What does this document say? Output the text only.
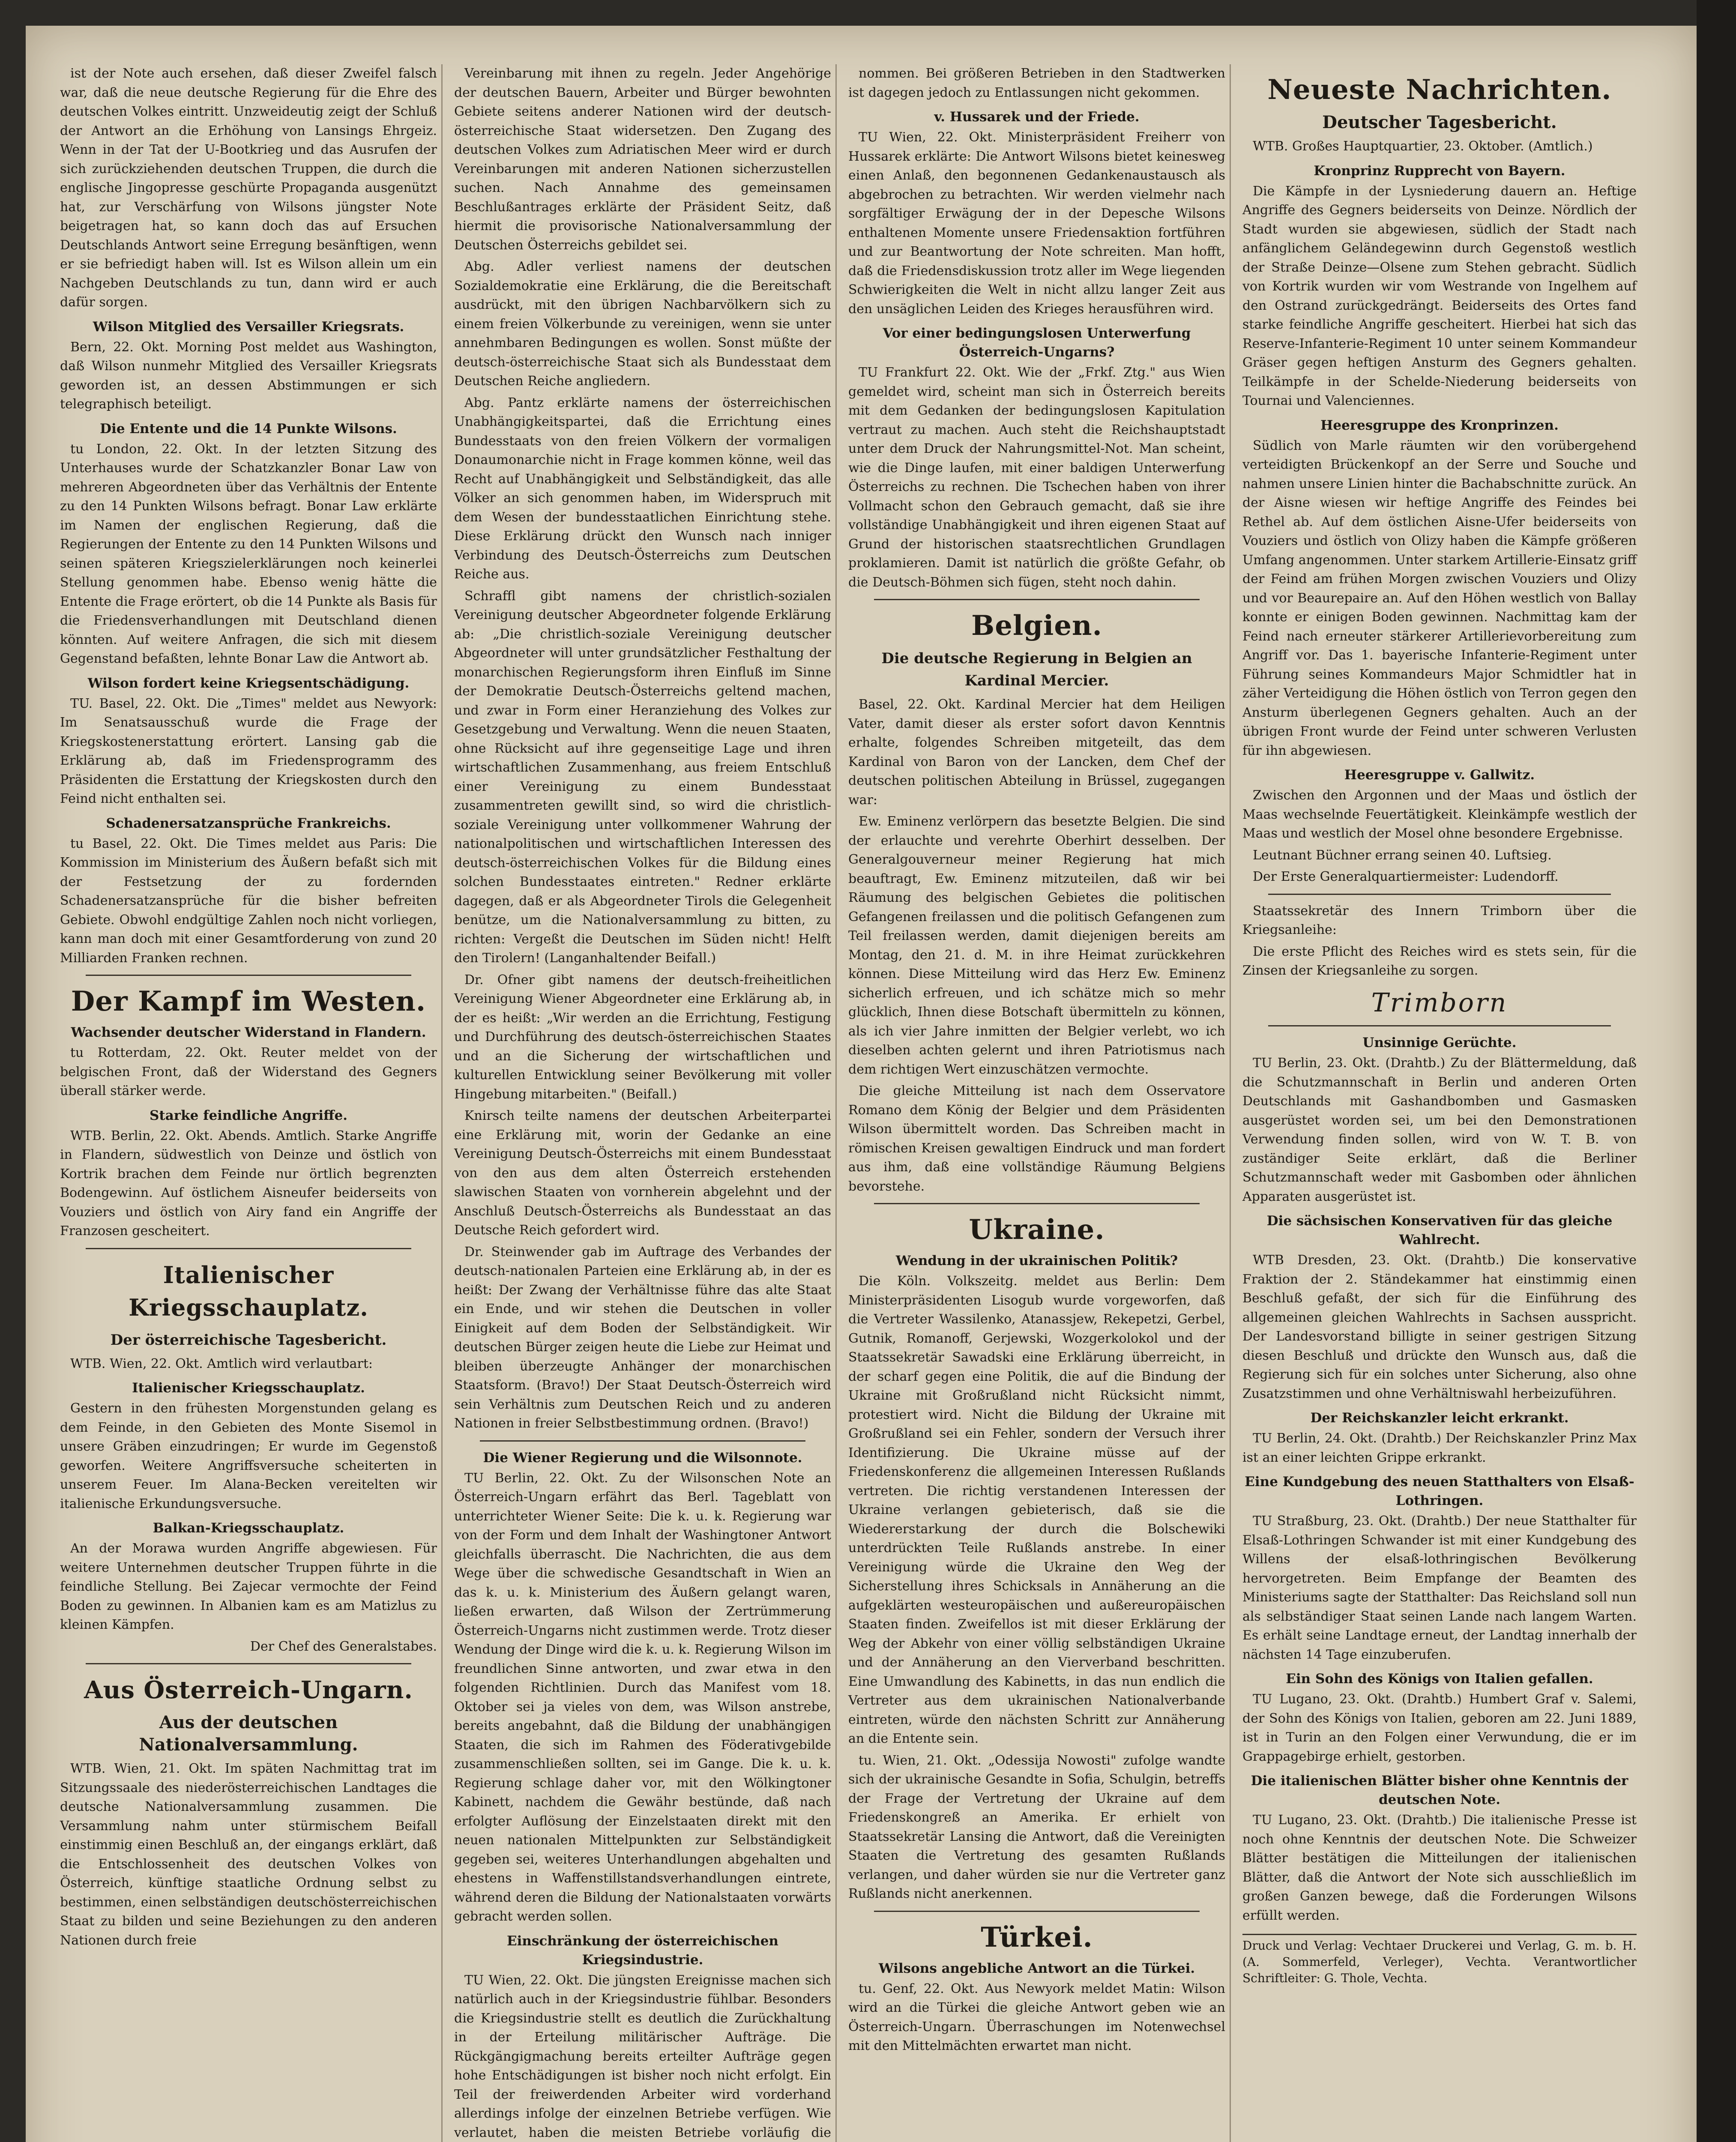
ist der Note auch ersehen, daß dieser Zweifel falsch war, daß die neue deutsche Regierung für die Ehre des deutschen Volkes eintritt. Unzweideutig zeigt der Schluß der Antwort an die Erhöhung von Lansings Ehrgeiz. Wenn in der Tat der U-Bootkrieg und das Ausrufen der sich zurückziehenden deutschen Truppen, die durch die englische Jingopresse geschürte Propaganda ausgenützt hat, zur Verschärfung von Wilsons jüngster Note beigetragen hat, so kann doch das auf Ersuchen Deutschlands Antwort seine Erregung besänftigen, wenn er sie befriedigt haben will. Ist es Wilson allein um ein Nachgeben Deutschlands zu tun, dann wird er auch dafür sorgen.

Wilson Mitglied des Versailler Kriegsrats.

Bern, 22. Okt. Morning Post meldet aus Washington, daß Wilson nunmehr Mitglied des Versailler Kriegsrats geworden ist, an dessen Abstimmungen er sich telegraphisch beteiligt.

Die Entente und die 14 Punkte Wilsons.

tu London, 22. Okt. In der letzten Sitzung des Unterhauses wurde der Schatzkanzler Bonar Law von mehreren Abgeordneten über das Verhältnis der Entente zu den 14 Punkten Wilsons befragt. Bonar Law erklärte im Namen der englischen Regierung, daß die Regierungen der Entente zu den 14 Punkten Wilsons und seinen späteren Kriegszielerklärungen noch keinerlei Stellung genommen habe. Ebenso wenig hätte die Entente die Frage erörtert, ob die 14 Punkte als Basis für die Friedensverhandlungen mit Deutschland dienen könnten. Auf weitere Anfragen, die sich mit diesem Gegenstand befaßten, lehnte Bonar Law die Antwort ab.

Wilson fordert keine Kriegsentschädigung.

TU. Basel, 22. Okt. Die „Times" meldet aus Newyork: Im Senatsausschuß wurde die Frage der Kriegskostenerstattung erörtert. Lansing gab die Erklärung ab, daß im Friedensprogramm des Präsidenten die Erstattung der Kriegskosten durch den Feind nicht enthalten sei.

Schadenersatzansprüche Frankreichs.

tu Basel, 22. Okt. Die Times meldet aus Paris: Die Kommission im Ministerium des Äußern befaßt sich mit der Festsetzung der zu fordernden Schadenersatzansprüche für die bisher befreiten Gebiete. Obwohl endgültige Zahlen noch nicht vorliegen, kann man doch mit einer Gesamtforderung von zund 20 Milliarden Franken rechnen.

Der Kampf im Westen.
Wachsender deutscher Widerstand in Flandern.

tu Rotterdam, 22. Okt. Reuter meldet von der belgischen Front, daß der Widerstand des Gegners überall stärker werde.

Starke feindliche Angriffe.

WTB. Berlin, 22. Okt. Abends. Amtlich. Starke Angriffe in Flandern, südwestlich von Deinze und östlich von Kortrik brachen dem Feinde nur örtlich begrenzten Bodengewinn. Auf östlichem Aisneufer beiderseits von Vouziers und östlich von Airy fand ein Angriffe der Franzosen gescheitert.

Italienischer Kriegsschauplatz.
Der österreichische Tagesbericht.

WTB. Wien, 22. Okt. Amtlich wird verlautbart:

Italienischer Kriegsschauplatz.

Gestern in den frühesten Morgenstunden gelang es dem Feinde, in den Gebieten des Monte Sisemol in unsere Gräben einzudringen; Er wurde im Gegenstoß geworfen. Weitere Angriffsversuche scheiterten in unserem Feuer. Im Alana-Becken vereitelten wir italienische Erkundungsversuche.

Balkan-Kriegsschauplatz.

An der Morawa wurden Angriffe abgewiesen. Für weitere Unternehmen deutscher Truppen führte in die feindliche Stellung. Bei Zajecar vermochte der Feind Boden zu gewinnen. In Albanien kam es am Matizlus zu kleinen Kämpfen.

Der Chef des Generalstabes.
Aus Österreich-Ungarn.
Aus der deutschen Nationalversammlung.

WTB. Wien, 21. Okt. Im späten Nachmittag trat im Sitzungssaale des niederösterreichischen Landtages die deutsche Nationalversammlung zusammen. Die Versammlung nahm unter stürmischem Beifall einstimmig einen Beschluß an, der eingangs erklärt, daß die Entschlossenheit des deutschen Volkes von Österreich, künftige staatliche Ordnung selbst zu bestimmen, einen selbständigen deutschösterreichischen Staat zu bilden und seine Beziehungen zu den anderen Nationen durch freie

Vereinbarung mit ihnen zu regeln. Jeder Angehörige der deutschen Bauern, Arbeiter und Bürger bewohnten Gebiete seitens anderer Nationen wird der deutsch-österreichische Staat widersetzen. Den Zugang des deutschen Volkes zum Adriatischen Meer wird er durch Vereinbarungen mit anderen Nationen sicherzustellen suchen. Nach Annahme des gemeinsamen Beschlußantrages erklärte der Präsident Seitz, daß hiermit die provisorische Nationalversammlung der Deutschen Österreichs gebildet sei.

Abg. Adler verliest namens der deutschen Sozialdemokratie eine Erklärung, die die Bereitschaft ausdrückt, mit den übrigen Nachbarvölkern sich zu einem freien Völkerbunde zu vereinigen, wenn sie unter annehmbaren Bedingungen es wollen. Sonst müßte der deutsch-österreichische Staat sich als Bundesstaat dem Deutschen Reiche angliedern.

Abg. Pantz erklärte namens der österreichischen Unabhängigkeitspartei, daß die Errichtung eines Bundesstaats von den freien Völkern der vormaligen Donaumonarchie nicht in Frage kommen könne, weil das Recht auf Unabhängigkeit und Selbständigkeit, das alle Völker an sich genommen haben, im Widerspruch mit dem Wesen der bundesstaatlichen Einrichtung stehe. Diese Erklärung drückt den Wunsch nach inniger Verbindung des Deutsch-Österreichs zum Deutschen Reiche aus.

Schraffl gibt namens der christlich-sozialen Vereinigung deutscher Abgeordneter folgende Erklärung ab: „Die christlich-soziale Vereinigung deutscher Abgeordneter will unter grundsätzlicher Festhaltung der monarchischen Regierungsform ihren Einfluß im Sinne der Demokratie Deutsch-Österreichs geltend machen, und zwar in Form einer Heranziehung des Volkes zur Gesetzgebung und Verwaltung. Wenn die neuen Staaten, ohne Rücksicht auf ihre gegenseitige Lage und ihren wirtschaftlichen Zusammenhang, aus freiem Entschluß einer Vereinigung zu einem Bundesstaat zusammentreten gewillt sind, so wird die christlich-soziale Vereinigung unter vollkommener Wahrung der nationalpolitischen und wirtschaftlichen Interessen des deutsch-österreichischen Volkes für die Bildung eines solchen Bundesstaates eintreten." Redner erklärte dagegen, daß er als Abgeordneter Tirols die Gelegenheit benütze, um die Nationalversammlung zu bitten, zu richten: Vergeßt die Deutschen im Süden nicht! Helft den Tirolern! (Langanhaltender Beifall.)

Dr. Ofner gibt namens der deutsch-freiheitlichen Vereinigung Wiener Abgeordneter eine Erklärung ab, in der es heißt: „Wir werden an die Errichtung, Festigung und Durchführung des deutsch-österreichischen Staates und an die Sicherung der wirtschaftlichen und kulturellen Entwicklung seiner Bevölkerung mit voller Hingebung mitarbeiten." (Beifall.)

Knirsch teilte namens der deutschen Arbeiterpartei eine Erklärung mit, worin der Gedanke an eine Vereinigung Deutsch-Österreichs mit einem Bundesstaat von den aus dem alten Österreich erstehenden slawischen Staaten von vornherein abgelehnt und der Anschluß Deutsch-Österreichs als Bundesstaat an das Deutsche Reich gefordert wird.

Dr. Steinwender gab im Auftrage des Verbandes der deutsch-nationalen Parteien eine Erklärung ab, in der es heißt: Der Zwang der Verhältnisse führe das alte Staat ein Ende, und wir stehen die Deutschen in voller Einigkeit auf dem Boden der Selbständigkeit. Wir deutschen Bürger zeigen heute die Liebe zur Heimat und bleiben überzeugte Anhänger der monarchischen Staatsform. (Bravo!) Der Staat Deutsch-Österreich wird sein Verhältnis zum Deutschen Reich und zu anderen Nationen in freier Selbstbestimmung ordnen. (Bravo!)

Die Wiener Regierung und die Wilsonnote.

TU Berlin, 22. Okt. Zu der Wilsonschen Note an Österreich-Ungarn erfährt das Berl. Tageblatt von unterrichteter Wiener Seite: Die k. u. k. Regierung war von der Form und dem Inhalt der Washingtoner Antwort gleichfalls überrascht. Die Nachrichten, die aus dem Wege über die schwedische Gesandtschaft in Wien an das k. u. k. Ministerium des Äußern gelangt waren, ließen erwarten, daß Wilson der Zertrümmerung Österreich-Ungarns nicht zustimmen werde. Trotz dieser Wendung der Dinge wird die k. u. k. Regierung Wilson im freundlichen Sinne antworten, und zwar etwa in den folgenden Richtlinien. Durch das Manifest vom 18. Oktober sei ja vieles von dem, was Wilson anstrebe, bereits angebahnt, daß die Bildung der unabhängigen Staaten, die sich im Rahmen des Föderativgebilde zusammenschließen sollten, sei im Gange. Die k. u. k. Regierung schlage daher vor, mit den Wölkingtoner Kabinett, nachdem die Gewähr bestünde, daß nach erfolgter Auflösung der Einzelstaaten direkt mit den neuen nationalen Mittelpunkten zur Selbständigkeit gegeben sei, weiteres Unterhandlungen abgehalten und ehestens in Waffenstillstandsverhandlungen eintrete, während deren die Bildung der Nationalstaaten vorwärts gebracht werden sollen.

Einschränkung der österreichischen Kriegsindustrie.

TU Wien, 22. Okt. Die jüngsten Ereignisse machen sich natürlich auch in der Kriegsindustrie fühlbar. Besonders die Kriegsindustrie stellt es deutlich die Zurückhaltung in der Erteilung militärischer Aufträge. Die Rückgängigmachung bereits erteilter Aufträge gegen hohe Entschädigungen ist bisher noch nicht erfolgt. Ein Teil der freiwerdenden Arbeiter wird vorderhand allerdings infolge der einzelnen Betriebe verfügen. Wie verlautet, haben die meisten Betriebe vorläufig die

nommen. Bei größeren Betrieben in den Stadtwerken ist dagegen jedoch zu Entlassungen nicht gekommen.

v. Hussarek und der Friede.

TU Wien, 22. Okt. Ministerpräsident Freiherr von Hussarek erklärte: Die Antwort Wilsons bietet keinesweg einen Anlaß, den begonnenen Gedankenaustausch als abgebrochen zu betrachten. Wir werden vielmehr nach sorgfältiger Erwägung der in der Depesche Wilsons enthaltenen Momente unsere Friedensaktion fortführen und zur Beantwortung der Note schreiten. Man hofft, daß die Friedensdiskussion trotz aller im Wege liegenden Schwierigkeiten die Welt in nicht allzu langer Zeit aus den unsäglichen Leiden des Krieges herausführen wird.

Vor einer bedingungslosen Unterwerfung Österreich-Ungarns?

TU Frankfurt 22. Okt. Wie der „Frkf. Ztg." aus Wien gemeldet wird, scheint man sich in Österreich bereits mit dem Gedanken der bedingungslosen Kapitulation vertraut zu machen. Auch steht die Reichshauptstadt unter dem Druck der Nahrungsmittel-Not. Man scheint, wie die Dinge laufen, mit einer baldigen Unterwerfung Österreichs zu rechnen. Die Tschechen haben von ihrer Vollmacht schon den Gebrauch gemacht, daß sie ihre vollständige Unabhängigkeit und ihren eigenen Staat auf Grund der historischen staatsrechtlichen Grundlagen proklamieren. Damit ist natürlich die größte Gefahr, ob die Deutsch-Böhmen sich fügen, steht noch dahin.

Belgien.
Die deutsche Regierung in Belgien an Kardinal Mercier.

Basel, 22. Okt. Kardinal Mercier hat dem Heiligen Vater, damit dieser als erster sofort davon Kenntnis erhalte, folgendes Schreiben mitgeteilt, das dem Kardinal von Baron von der Lancken, dem Chef der deutschen politischen Abteilung in Brüssel, zugegangen war:

Ew. Eminenz verlörpern das besetzte Belgien. Die sind der erlauchte und verehrte Oberhirt desselben. Der Generalgouverneur meiner Regierung hat mich beauftragt, Ew. Eminenz mitzuteilen, daß wir bei Räumung des belgischen Gebietes die politischen Gefangenen freilassen und die politisch Gefangenen zum Teil freilassen werden, damit diejenigen bereits am Montag, den 21. d. M. in ihre Heimat zurückkehren können. Diese Mitteilung wird das Herz Ew. Eminenz sicherlich erfreuen, und ich schätze mich so mehr glücklich, Ihnen diese Botschaft übermitteln zu können, als ich vier Jahre inmitten der Belgier verlebt, wo ich dieselben achten gelernt und ihren Patriotismus nach dem richtigen Wert einzuschätzen vermochte.

Die gleiche Mitteilung ist nach dem Osservatore Romano dem König der Belgier und dem Präsidenten Wilson übermittelt worden. Das Schreiben macht in römischen Kreisen gewaltigen Eindruck und man fordert aus ihm, daß eine vollständige Räumung Belgiens bevorstehe.

Ukraine.
Wendung in der ukrainischen Politik?

Die Köln. Volkszeitg. meldet aus Berlin: Dem Ministerpräsidenten Lisogub wurde vorgeworfen, daß die Vertreter Wassilenko, Atanassjew, Rekepetzi, Gerbel, Gutnik, Romanoff, Gerjewski, Wozgerkolokol und der Staatssekretär Sawadski eine Erklärung überreicht, in der scharf gegen eine Politik, die auf die Bindung der Ukraine mit Großrußland nicht Rücksicht nimmt, protestiert wird. Nicht die Bildung der Ukraine mit Großrußland sei ein Fehler, sondern der Versuch ihrer Identifizierung. Die Ukraine müsse auf der Friedenskonferenz die allgemeinen Interessen Rußlands vertreten. Die richtig verstandenen Interessen der Ukraine verlangen gebieterisch, daß sie die Wiedererstarkung der durch die Bolschewiki unterdrückten Teile Rußlands anstrebe. In einer Vereinigung würde die Ukraine den Weg der Sicherstellung ihres Schicksals in Annäherung an die aufgeklärten westeuropäischen und außereuropäischen Staaten finden. Zweifellos ist mit dieser Erklärung der Weg der Abkehr von einer völlig selbständigen Ukraine und der Annäherung an den Vierverband beschritten. Eine Umwandlung des Kabinetts, in das nun endlich die Vertreter aus dem ukrainischen Nationalverbande eintreten, würde den nächsten Schritt zur Annäherung an die Entente sein.

tu. Wien, 21. Okt. „Odessija Nowosti" zufolge wandte sich der ukrainische Gesandte in Sofia, Schulgin, betreffs der Frage der Vertretung der Ukraine auf dem Friedenskongreß an Amerika. Er erhielt von Staatssekretär Lansing die Antwort, daß die Vereinigten Staaten die Vertretung des gesamten Rußlands verlangen, und daher würden sie nur die Vertreter ganz Rußlands nicht anerkennen.

Türkei.
Wilsons angebliche Antwort an die Türkei.

tu. Genf, 22. Okt. Aus Newyork meldet Matin: Wilson wird an die Türkei die gleiche Antwort geben wie an Österreich-Ungarn. Überraschungen im Notenwechsel mit den Mittelmächten erwartet man nicht.

Neueste Nachrichten.
Deutscher Tagesbericht.

WTB. Großes Hauptquartier, 23. Oktober. (Amtlich.)

Kronprinz Rupprecht von Bayern.

Die Kämpfe in der Lysniederung dauern an. Heftige Angriffe des Gegners beiderseits von Deinze. Nördlich der Stadt wurden sie abgewiesen, südlich der Stadt nach anfänglichem Geländegewinn durch Gegenstoß westlich der Straße Deinze—Olsene zum Stehen gebracht. Südlich von Kortrik wurden wir vom Westrande von Ingelhem auf den Ostrand zurückgedrängt. Beiderseits des Ortes fand starke feindliche Angriffe gescheitert. Hierbei hat sich das Reserve-Infanterie-Regiment 10 unter seinem Kommandeur Gräser gegen heftigen Ansturm des Gegners gehalten. Teilkämpfe in der Schelde-Niederung beiderseits von Tournai und Valenciennes.

Heeresgruppe des Kronprinzen.

Südlich von Marle räumten wir den vorübergehend verteidigten Brückenkopf an der Serre und Souche und nahmen unsere Linien hinter die Bachabschnitte zurück. An der Aisne wiesen wir heftige Angriffe des Feindes bei Rethel ab. Auf dem östlichen Aisne-Ufer beiderseits von Vouziers und östlich von Olizy haben die Kämpfe größeren Umfang angenommen. Unter starkem Artillerie-Einsatz griff der Feind am frühen Morgen zwischen Vouziers und Olizy und vor Beaurepaire an. Auf den Höhen westlich von Ballay konnte er einigen Boden gewinnen. Nachmittag kam der Feind nach erneuter stärkerer Artillerievorbereitung zum Angriff vor. Das 1. bayerische Infanterie-Regiment unter Führung seines Kommandeurs Major Schmidtler hat in zäher Verteidigung die Höhen östlich von Terron gegen den Ansturm überlegenen Gegners gehalten. Auch an der übrigen Front wurde der Feind unter schweren Verlusten für ihn abgewiesen.

Heeresgruppe v. Gallwitz.

Zwischen den Argonnen und der Maas und östlich der Maas wechselnde Feuertätigkeit. Kleinkämpfe westlich der Maas und westlich der Mosel ohne besondere Ergebnisse.

Leutnant Büchner errang seinen 40. Luftsieg.

Der Erste Generalquartiermeister: Ludendorff.

Staatssekretär des Innern Trimborn über die Kriegsanleihe:

Die erste Pflicht des Reiches wird es stets sein, für die Zinsen der Kriegsanleihe zu sorgen.

Trimborn
Unsinnige Gerüchte.

TU Berlin, 23. Okt. (Drahtb.) Zu der Blättermeldung, daß die Schutzmannschaft in Berlin und anderen Orten Deutschlands mit Gashandbomben und Gasmasken ausgerüstet worden sei, um bei den Demonstrationen Verwendung finden sollen, wird von W. T. B. von zuständiger Seite erklärt, daß die Berliner Schutzmannschaft weder mit Gasbomben oder ähnlichen Apparaten ausgerüstet ist.

Die sächsischen Konservativen für das gleiche Wahlrecht.

WTB Dresden, 23. Okt. (Drahtb.) Die konservative Fraktion der 2. Ständekammer hat einstimmig einen Beschluß gefaßt, der sich für die Einführung des allgemeinen gleichen Wahlrechts in Sachsen ausspricht. Der Landesvorstand billigte in seiner gestrigen Sitzung diesen Beschluß und drückte den Wunsch aus, daß die Regierung sich für ein solches unter Sicherung, also ohne Zusatzstimmen und ohne Verhältniswahl herbeizuführen.

Der Reichskanzler leicht erkrankt.

TU Berlin, 24. Okt. (Drahtb.) Der Reichskanzler Prinz Max ist an einer leichten Grippe erkrankt.

Eine Kundgebung des neuen Statthalters von Elsaß-Lothringen.

TU Straßburg, 23. Okt. (Drahtb.) Der neue Statthalter für Elsaß-Lothringen Schwander ist mit einer Kundgebung des Willens der elsaß-lothringischen Bevölkerung hervorgetreten. Beim Empfange der Beamten des Ministeriums sagte der Statthalter: Das Reichsland soll nun als selbständiger Staat seinen Lande nach langem Warten. Es erhält seine Landtage erneut, der Landtag innerhalb der nächsten 14 Tage einzuberufen.

Ein Sohn des Königs von Italien gefallen.

TU Lugano, 23. Okt. (Drahtb.) Humbert Graf v. Salemi, der Sohn des Königs von Italien, geboren am 22. Juni 1889, ist in Turin an den Folgen einer Verwundung, die er im Grappagebirge erhielt, gestorben.

Die italienischen Blätter bisher ohne Kenntnis der deutschen Note.

TU Lugano, 23. Okt. (Drahtb.) Die italienische Presse ist noch ohne Kenntnis der deutschen Note. Die Schweizer Blätter bestätigen die Mitteilungen der italienischen Blätter, daß die Antwort der Note sich ausschließlich im großen Ganzen bewege, daß die Forderungen Wilsons erfüllt werden.

Druck und Verlag: Vechtaer Druckerei und Verlag, G. m. b. H. (A. Sommerfeld, Verleger), Vechta. Verantwortlicher Schriftleiter: G. Thole, Vechta.
